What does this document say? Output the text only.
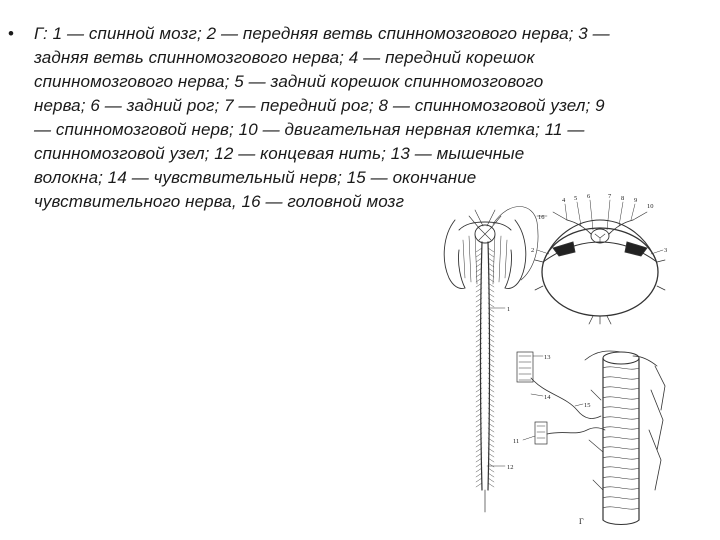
• Г: 1 — спинной мозг; 2 — передняя ветвь спинномозгового нерва; 3 —
задняя ветвь спинномозгового нерва; 4 — передний корешок
спинномозгового нерва; 5 — задний корешок спинномозгового
нерва; 6 — задний рог; 7 — передний рог; 8 — спинномозговой узел; 9
— спинномозговой нерв; 10 — двигательная нервная клетка; 11 —
спинномозговой узел; 12 — концевая нить; 13 — мышечные
волокна; 14 — чувствительный нерв; 15 — окончание
чувствительного нерва, 16 — головной мозг
16
1
12
13
14
15
11
2	3
4 5 6	7 8 9
10
Г
